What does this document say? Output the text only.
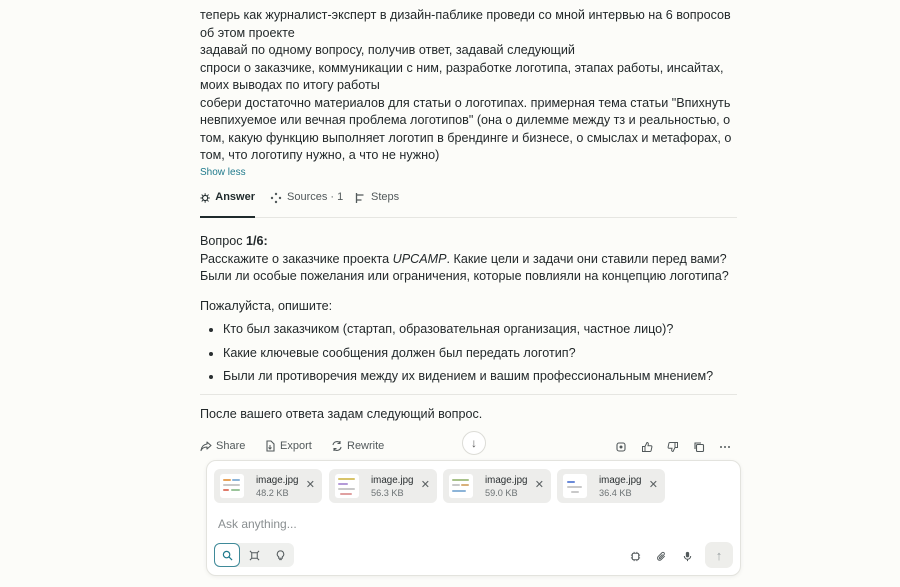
теперь как журналист-эксперт в дизайн-паблике проведи со мной интервью на 6 вопросов об этом проекте

задавай по одному вопросу, получив ответ, задавай следующий

спроси о заказчике, коммуникации с ним, разработке логотипа, этапах работы, инсайтах, моих выводах по итогу работы

собери достаточно материалов для статьи о логотипах. примерная тема статьи "Впихнуть невпихуемое или вечная проблема логотипов" (она о дилемме между тз и реальностью, о том, какую функцию выполняет логотип в брендинге и бизнесе, о смыслах и метафорах, о том, что логотипу нужно, а что не нужно)

Show less
Answer	Sources · 1	Steps

Вопрос 1/6:

Расскажите о заказчике проекта UPCAMP. Какие цели и задачи они ставили перед вами? Были ли особые пожелания или ограничения, которые повлияли на концепцию логотипа?

Пожалуйста, опишите:

Кто был заказчиком (стартап, образовательная организация, частное лицо)?
Какие ключевые сообщения должен был передать логотип?
Были ли противоречия между их видением и вашим профессиональным мнением?
После вашего ответа задам следующий вопрос.
Share	Export	Rewrite	↓
image.jpg
48.2 KB
✕	image.jpg
56.3 KB
✕	image.jpg
59.0 KB
✕	image.jpg
36.4 KB
✕
Ask anything...
↑
